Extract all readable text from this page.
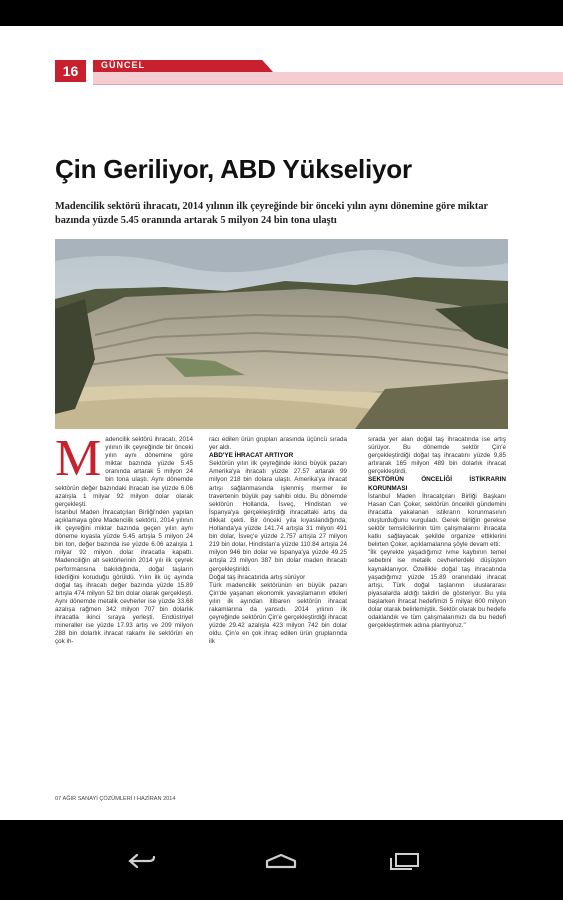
16	GÜNCEL
Çin Geriliyor, ABD Yükseliyor
Madencilik sektörü ihracatı, 2014 yılının ilk çeyreğinde bir önceki yılın aynı dönemine göre miktar bazında yüzde 5.45 oranında artarak 5 milyon 24 bin tona ulaştı
M adencilik sektörü ihracatı, 2014 yılının ilk çeyreğinde bir önceki yılın aynı dönemine göre miktar bazında yüzde 5.45 oranında artarak 5 milyon 24 bin tona ulaştı. Aynı dönemde sektörün değer bazındaki ihracatı ise yüzde 6.06 azalışla 1 milyar 92 milyon dolar olarak gerçekleşti.

İstanbul Maden İhracatçıları Birliği'nden yapılan açıklamaya göre Madencilik sektörü, 2014 yılının ilk çeyreğini miktar bazında geçen yılın aynı döneme kıyasla yüzde 5.45 artışla 5 milyon 24 bin ton, değer bazında ise yüzde 6.06 azalışla 1 milyar 92 milyon dolar ihracatla kapattı. Madenciliğin alt sektörlerinin 2014 yılı ilk çeyrek performansına bakıldığında, doğal taşların liderliğini koruduğu görüldü. Yılın ilk üç ayında doğal taş ihracatı değer bazında yüzde 15.89 artışla 474 milyon 52 bin dolar olarak gerçekleşti. Aynı dönemde metalik cevherler ise yüzde 33.68 azalışa rağmen 342 milyon 707 bin dolarlık ihracatla ikinci sıraya yerleşti. Endüstriyel mineraller ise yüzde 17.93 artış ve 209 milyon 288 bin dolarlık ihracat rakamı ile sektörün en çok ih-

racı edilen ürün grupları arasında üçüncü sırada yer aldı.

ABD'YE İHRACAT ARTIYOR

Sektörün yılın ilk çeyreğinde ikinci büyük pazarı Amerika'ya ihracatı yüzde 27.57 artarak 99 milyon 218 bin dolara ulaştı. Amerika'ya ihracat artışı sağlanmasında işlenmiş mermer ile travertenin büyük pay sahibi oldu. Bu dönemde sektörün Hollanda, İsveç, Hindistan ve İspanya'ya gerçekleştirdiği ihracattaki artış da dikkat çekti. Bir önceki yıla kıyaslandığında; Hollanda'ya yüzde 141.74 artışla 31 milyon 491 bin dolar, İsveç'e yüzde 2.757 artışla 27 milyon 219 bin dolar, Hindistan'a yüzde 110.84 artışla 24 milyon 946 bin dolar ve İspanya'ya yüzde 49.25 artışla 23 milyon 387 bin dolar maden ihracatı gerçekleştirildi.

Doğal taş ihracatında artış sürüyor

Türk madencilik sektörünün en büyük pazarı Çin'de yaşanan ekonomik yavaşlamanın etkileri yılın ilk ayından itibaren sektörün ihracat rakamlarına da yansıdı. 2014 yılının ilk çeyreğinde sektörün Çin'e gerçekleştirdiği ihracat yüzde 29.42 azalışla 423 milyon 742 bin dolar oldu. Çin'e en çok ihraç edilen ürün gruplarında ilk

sırada yer alan doğal taş ihracatında ise artış sürüyor. Bu dönemde sektör Çin'e gerçekleştirdiği doğal taş ihracatını yüzde 9,85 artırarak 165 milyon 489 bin dolarlık ihracat gerçekleştirdi.

SEKTÖRÜN ÖNCELİĞİ İSTİKRARIN KORUNMASI

İstanbul Maden İhracatçıları Birliği Başkanı Hasan Can Çoker, sektörün öncelikli gündemini ihracatta yakalanan istikrarın korunmasının oluşturduğunu vurguladı. Gerek birliğin gerekse sektör temsilcilerinin tüm çalışmalarını ihracata katkı sağlayacak şekilde organize ettiklerini belirten Çoker, açıklamalarına şöyle devam etti:

"İlk çeyrekte yaşadığımız ivme kaybının temel sebebini ise metalik cevherlerdeki düşüşten kaynaklanıyor. Özellikle doğal taş ihracatında yaşadığımız yüzde 15.89 oranındaki ihracat artışı, Türk doğal taşlarının uluslararası piyasalarda aldığı takdiri de gösteriyor. Bu yıla başlarken ihracat hedefimizi 5 milyar 600 milyon dolar olarak belirlemiştik. Sektör olarak bu hedefe odaklandık ve tüm çalışmalarımızı da bu hedefi gerçekleştirmek adına planlıyoruz."

07 AĞIR SANAYİ ÇÖZÜMLERİ I HAZİRAN 2014
